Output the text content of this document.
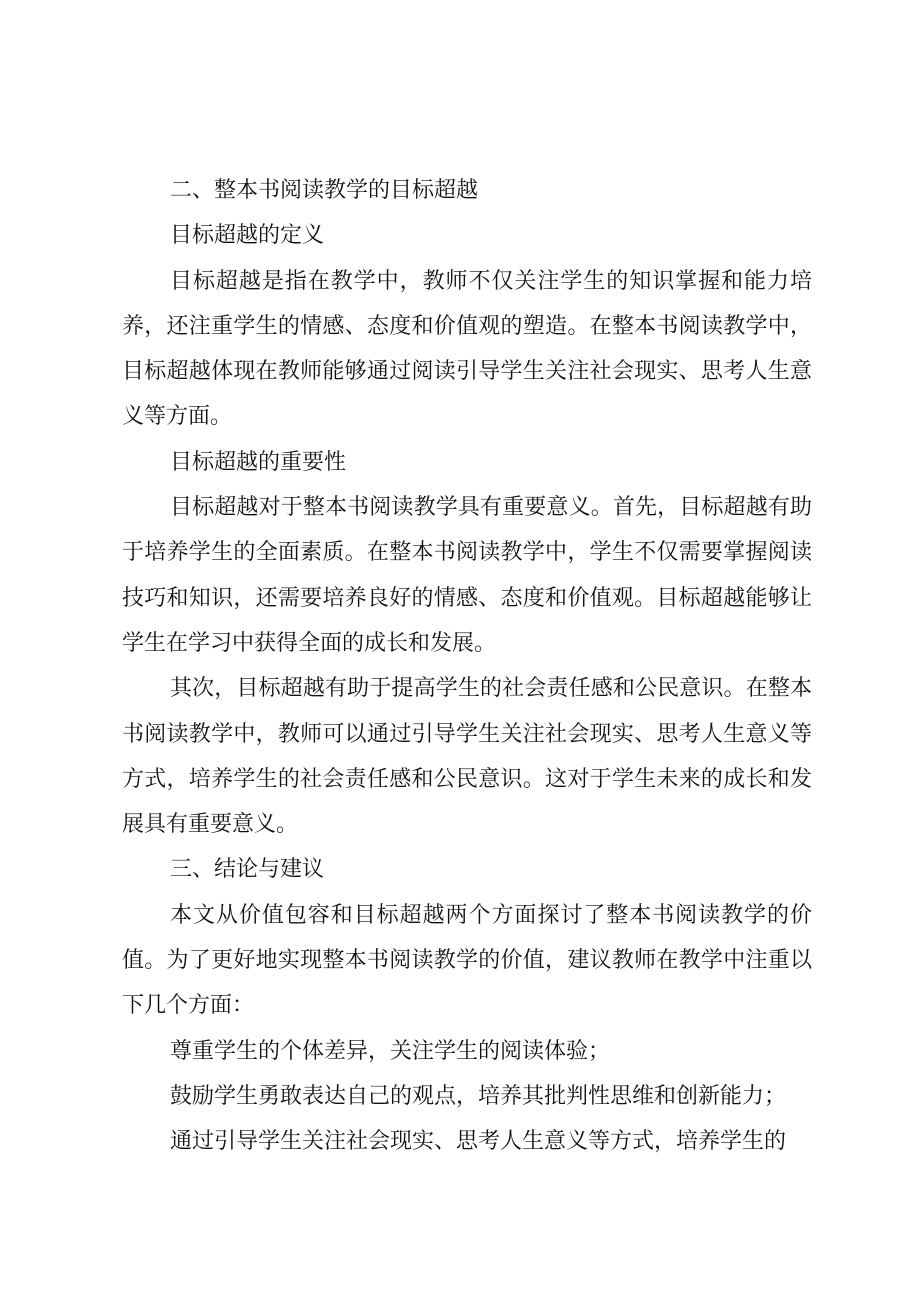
二、整本书阅读教学的目标超越

目标超越的定义

目标超越是指在教学中，教师不仅关注学生的知识掌握和能力培养，还注重学生的情感、态度和价值观的塑造。在整本书阅读教学中，目标超越体现在教师能够通过阅读引导学生关注社会现实、思考人生意义等方面。

目标超越的重要性

目标超越对于整本书阅读教学具有重要意义。首先，目标超越有助于培养学生的全面素质。在整本书阅读教学中，学生不仅需要掌握阅读技巧和知识，还需要培养良好的情感、态度和价值观。目标超越能够让学生在学习中获得全面的成长和发展。

其次，目标超越有助于提高学生的社会责任感和公民意识。在整本书阅读教学中，教师可以通过引导学生关注社会现实、思考人生意义等方式，培养学生的社会责任感和公民意识。这对于学生未来的成长和发展具有重要意义。

三、结论与建议

本文从价值包容和目标超越两个方面探讨了整本书阅读教学的价值。为了更好地实现整本书阅读教学的价值，建议教师在教学中注重以下几个方面：

尊重学生的个体差异，关注学生的阅读体验；

鼓励学生勇敢表达自己的观点，培养其批判性思维和创新能力；

通过引导学生关注社会现实、思考人生意义等方式，培养学生的
